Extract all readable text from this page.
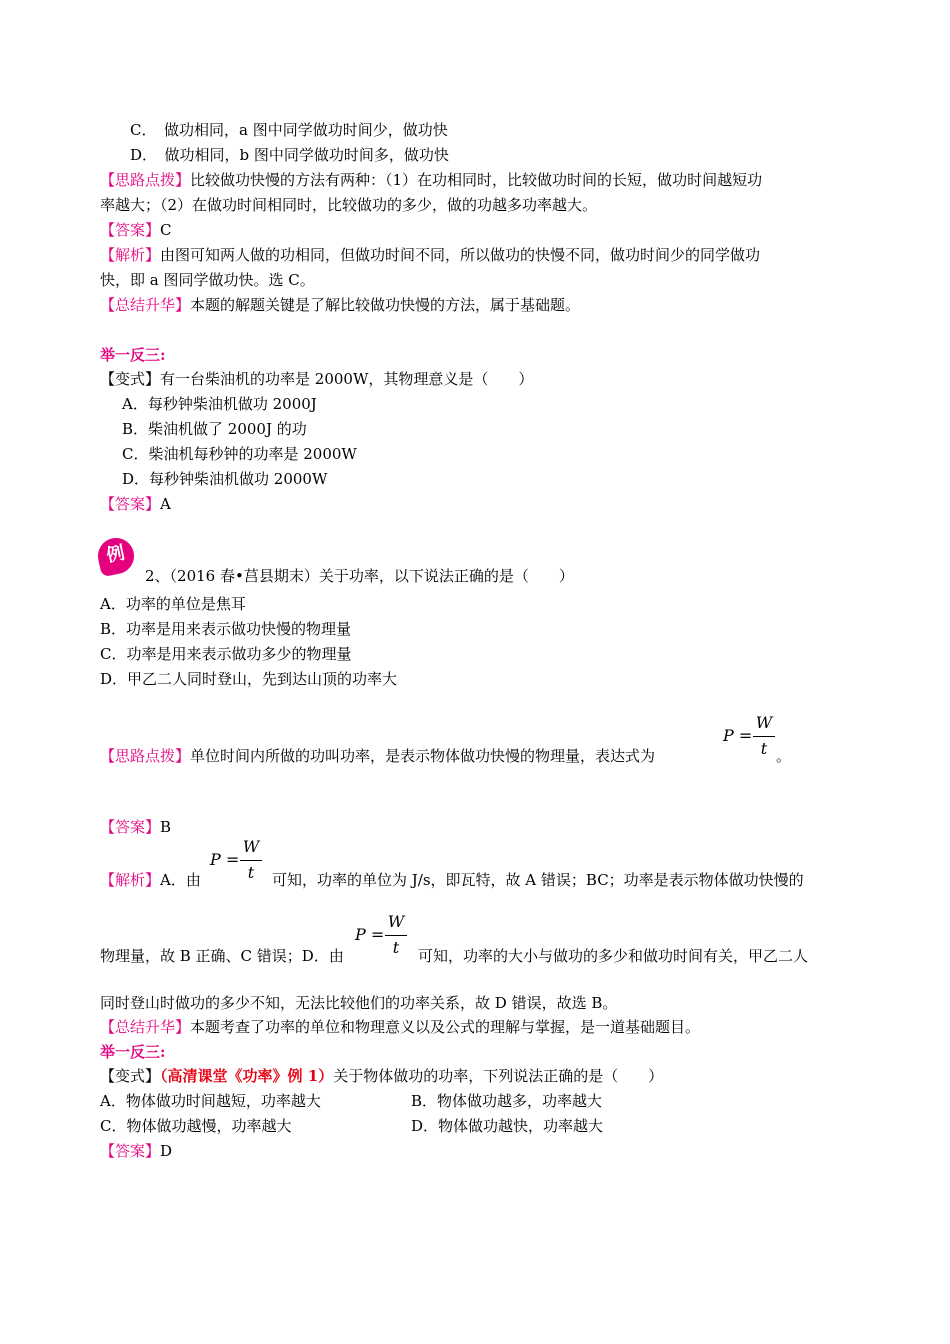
C．　做功相同，a 图中同学做功时间少，做功快
D．　做功相同，b 图中同学做功时间多，做功快
【思路点拨】比较做功快慢的方法有两种：（1）在功相同时，比较做功时间的长短，做功时间越短功
率越大；（2）在做功时间相同时，比较做功的多少，做的功越多功率越大。
【答案】C
【解析】由图可知两人做的功相同，但做功时间不同，所以做功的快慢不同，做功时间少的同学做功
快，即 a 图同学做功快。选 C。
【总结升华】本题的解题关键是了解比较做功快慢的方法，属于基础题。
举一反三:
【变式】有一台柴油机的功率是 2000W，其物理意义是（　　）
A．每秒钟柴油机做功 2000J
B．柴油机做了 2000J 的功
C．柴油机每秒钟的功率是 2000W
D．每秒钟柴油机做功 2000W
【答案】A
例
2、（2016 春•莒县期末）关于功率，以下说法正确的是（　　）
A．功率的单位是焦耳
B．功率是用来表示做功快慢的物理量
C．功率是用来表示做功多少的物理量
D．甲乙二人同时登山，先到达山顶的功率大
【思路点拨】单位时间内所做的功叫功率，是表示物体做功快慢的物理量，表达式为
P =
W
t 。
【答案】B
【解析】A．由
P =
W
t	可知，功率的单位为 J/s，即瓦特，故 A 错误；BC；功率是表示物体做功快慢的
物理量，故 B 正确、C 错误；D．由
P =
W
t	可知，功率的大小与做功的多少和做功时间有关，甲乙二人
同时登山时做功的多少不知，无法比较他们的功率关系，故 D 错误，故选 B。
【总结升华】本题考查了功率的单位和物理意义以及公式的理解与掌握，是一道基础题目。
举一反三:
【变式】（高清课堂《功率》例 1）关于物体做功的功率，下列说法正确的是（　　）
A．物体做功时间越短，功率越大	B．物体做功越多，功率越大
C．物体做功越慢，功率越大	D．物体做功越快，功率越大
【答案】D
